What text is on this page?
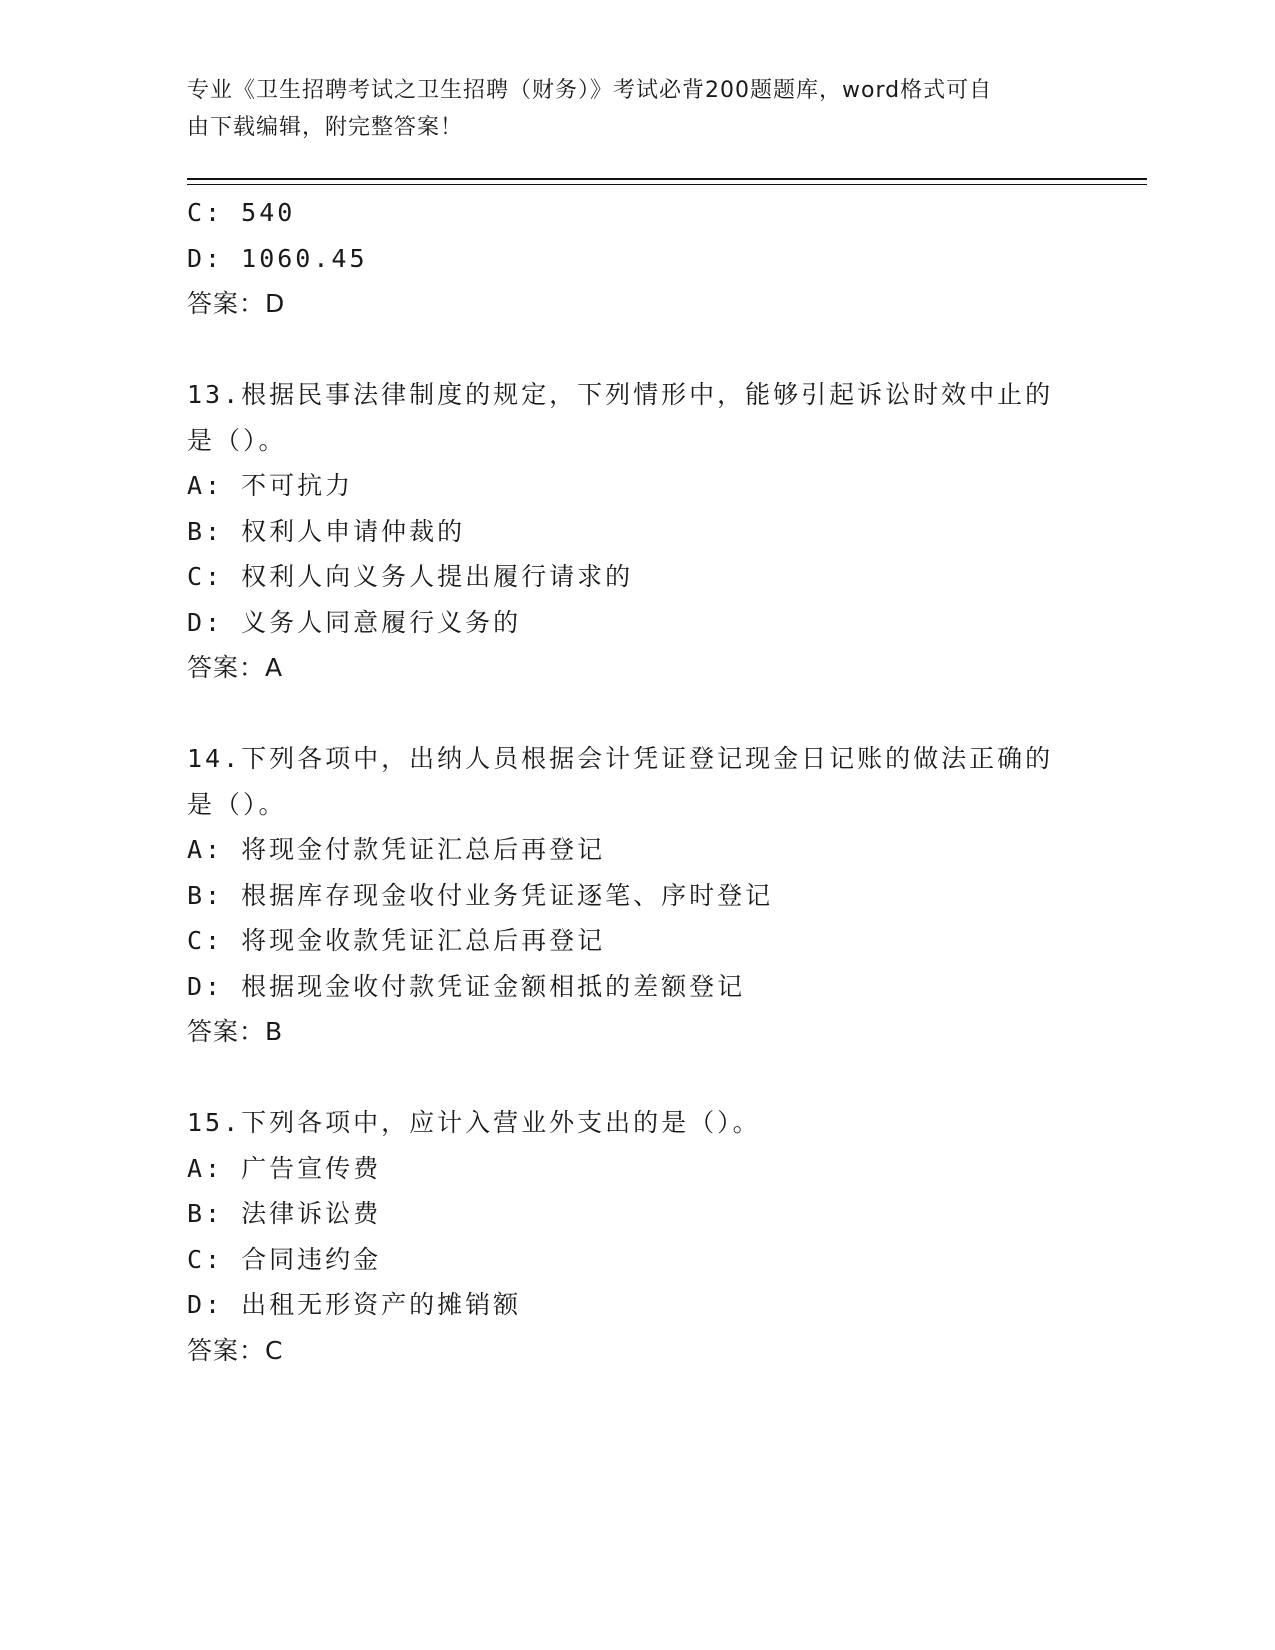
专业《卫生招聘考试之卫生招聘（财务）》考试必背200题题库，word格式可自
由下载编辑，附完整答案！
C: 540
D: 1060.45
答案：D
13.根据民事法律制度的规定，下列情形中，能够引起诉讼时效中止的
是（）。
A: 不可抗力
B: 权利人申请仲裁的
C: 权利人向义务人提出履行请求的
D: 义务人同意履行义务的
答案：A
14.下列各项中，出纳人员根据会计凭证登记现金日记账的做法正确的
是（）。
A: 将现金付款凭证汇总后再登记
B: 根据库存现金收付业务凭证逐笔、序时登记
C: 将现金收款凭证汇总后再登记
D: 根据现金收付款凭证金额相抵的差额登记
答案：B
15.下列各项中，应计入营业外支出的是（）。
A: 广告宣传费
B: 法律诉讼费
C: 合同违约金
D: 出租无形资产的摊销额
答案：C
